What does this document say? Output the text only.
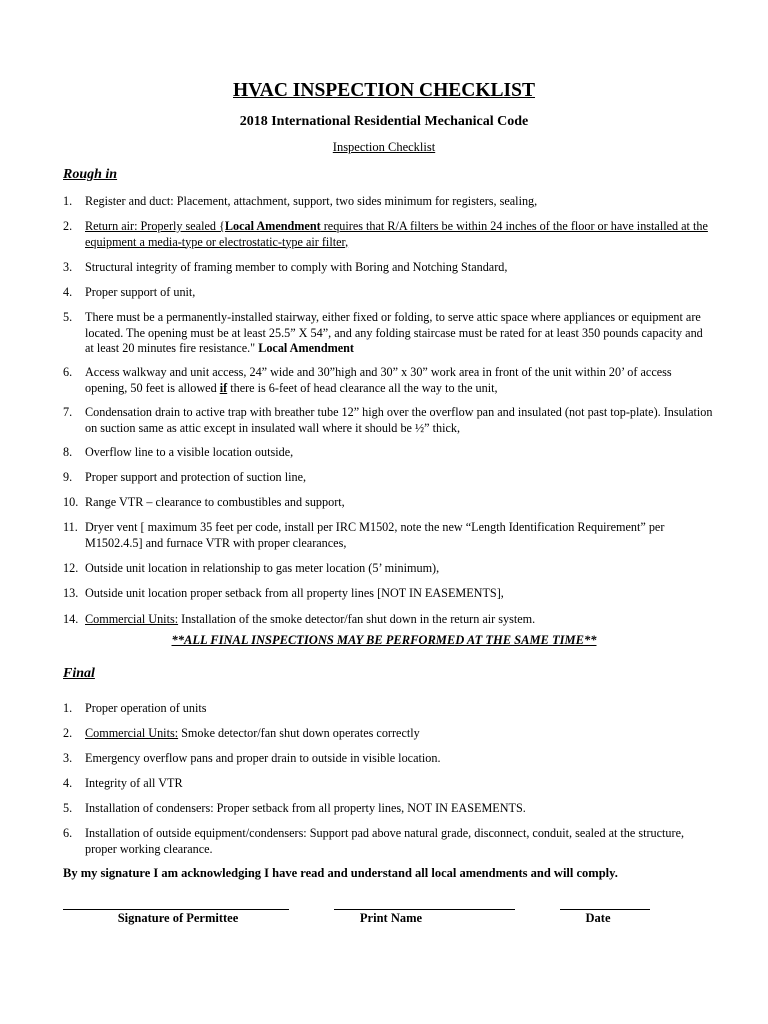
HVAC INSPECTION CHECKLIST
2018 International Residential Mechanical Code
Inspection Checklist
Rough in
1.	Register and duct: Placement, attachment, support, two sides minimum for registers, sealing,
2.	Return air: Properly sealed {Local Amendment requires that R/A filters be within 24 inches of the floor or have installed at the equipment a media-type or electrostatic-type air filter,
3.	Structural integrity of framing member to comply with Boring and Notching Standard,
4.	Proper support of unit,
5.	There must be a permanently-installed stairway, either fixed or folding, to serve attic space where appliances or equipment are located. The opening must be at least 25.5” X 54”, and any folding staircase must be rated for at least 350 pounds capacity and at least 20 minutes fire resistance." Local Amendment
6.	Access walkway and unit access, 24” wide and 30”high and 30” x 30” work area in front of the unit within 20’ of access opening, 50 feet is allowed if there is 6-feet of head clearance all the way to the unit,
7.	Condensation drain to active trap with breather tube 12” high over the overflow pan and insulated (not past top-plate). Insulation on suction same as attic except in insulated wall where it should be ½” thick,
8.	Overflow line to a visible location outside,
9.	Proper support and protection of suction line,
10. Range VTR – clearance to combustibles and support,
11. Dryer vent [ maximum 35 feet per code, install per IRC M1502, note the new “Length Identification Requirement” per M1502.4.5] and furnace VTR with proper clearances,
12. Outside unit location in relationship to gas meter location (5’ minimum),
13. Outside unit location proper setback from all property lines [NOT IN EASEMENTS],
14. Commercial Units: Installation of the smoke detector/fan shut down in the return air system.
**ALL FINAL INSPECTIONS MAY BE PERFORMED AT THE SAME TIME**
Final
1.	Proper operation of units
2.	Commercial Units: Smoke detector/fan shut down operates correctly
3.	Emergency overflow pans and proper drain to outside in visible location.
4.	Integrity of all VTR
5.	Installation of condensers: Proper setback from all property lines, NOT IN EASEMENTS.
6.	Installation of outside equipment/condensers: Support pad above natural grade, disconnect, conduit, sealed at the structure, proper working clearance.
By my signature I am acknowledging I have read and understand all local amendments and will comply.
Signature of Permittee	Print Name	Date
